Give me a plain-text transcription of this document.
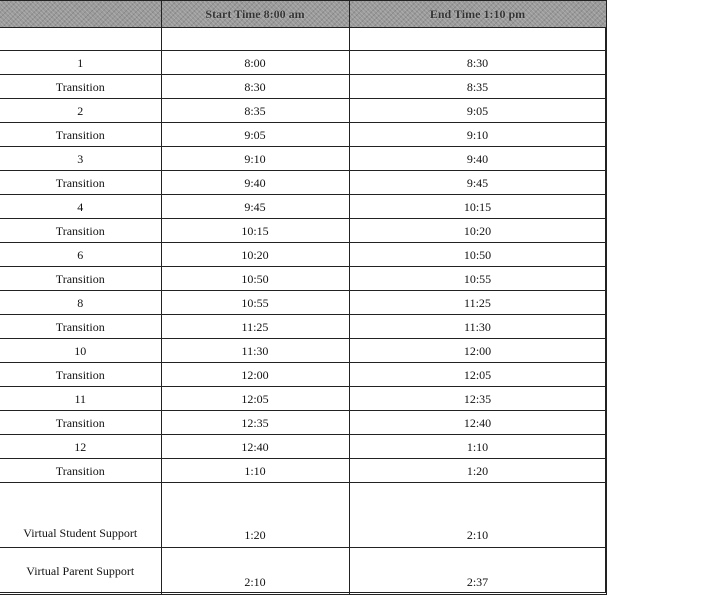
	Start Time 8:00 am	End Time 1:10 pm

1	8:00	8:30
Transition	8:30	8:35
2	8:35	9:05
Transition	9:05	9:10
3	9:10	9:40
Transition	9:40	9:45
4	9:45	10:15
Transition	10:15	10:20
6	10:20	10:50
Transition	10:50	10:55
8	10:55	11:25
Transition	11:25	11:30
10	11:30	12:00
Transition	12:00	12:05
11	12:05	12:35
Transition	12:35	12:40
12	12:40	1:10
Transition	1:10	1:20
Virtual Student Support	1:20	2:10
Virtual Parent Support	2:10	2:37
